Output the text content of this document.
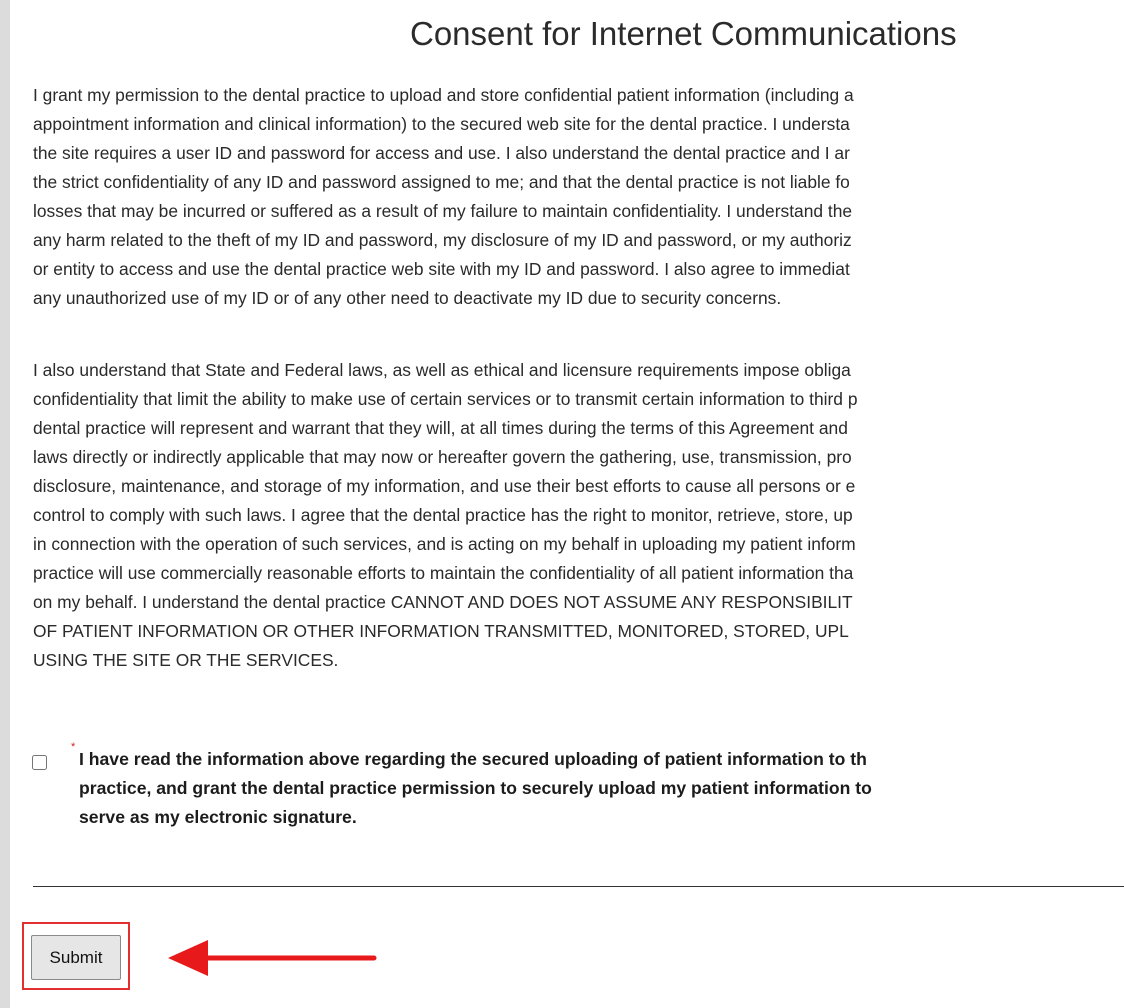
Consent for Internet Communications
I grant my permission to the dental practice to upload and store confidential patient information (including a
appointment information and clinical information) to the secured web site for the dental practice. I understa
the site requires a user ID and password for access and use. I also understand the dental practice and I ar
the strict confidentiality of any ID and password assigned to me; and that the dental practice is not liable fo
losses that may be incurred or suffered as a result of my failure to maintain confidentiality. I understand the
any harm related to the theft of my ID and password, my disclosure of my ID and password, or my authoriz
or entity to access and use the dental practice web site with my ID and password. I also agree to immediat
any unauthorized use of my ID or of any other need to deactivate my ID due to security concerns.
I also understand that State and Federal laws, as well as ethical and licensure requirements impose obliga
confidentiality that limit the ability to make use of certain services or to transmit certain information to third p
dental practice will represent and warrant that they will, at all times during the terms of this Agreement and
laws directly or indirectly applicable that may now or hereafter govern the gathering, use, transmission, pro
disclosure, maintenance, and storage of my information, and use their best efforts to cause all persons or e
control to comply with such laws. I agree that the dental practice has the right to monitor, retrieve, store, up
in connection with the operation of such services, and is acting on my behalf in uploading my patient inform
practice will use commercially reasonable efforts to maintain the confidentiality of all patient information tha
on my behalf. I understand the dental practice CANNOT AND DOES NOT ASSUME ANY RESPONSIBILIT
OF PATIENT INFORMATION OR OTHER INFORMATION TRANSMITTED, MONITORED, STORED, UPL
USING THE SITE OR THE SERVICES.
*
I have read the information above regarding the secured uploading of patient information to th
practice, and grant the dental practice permission to securely upload my patient information to
serve as my electronic signature.
Submit
